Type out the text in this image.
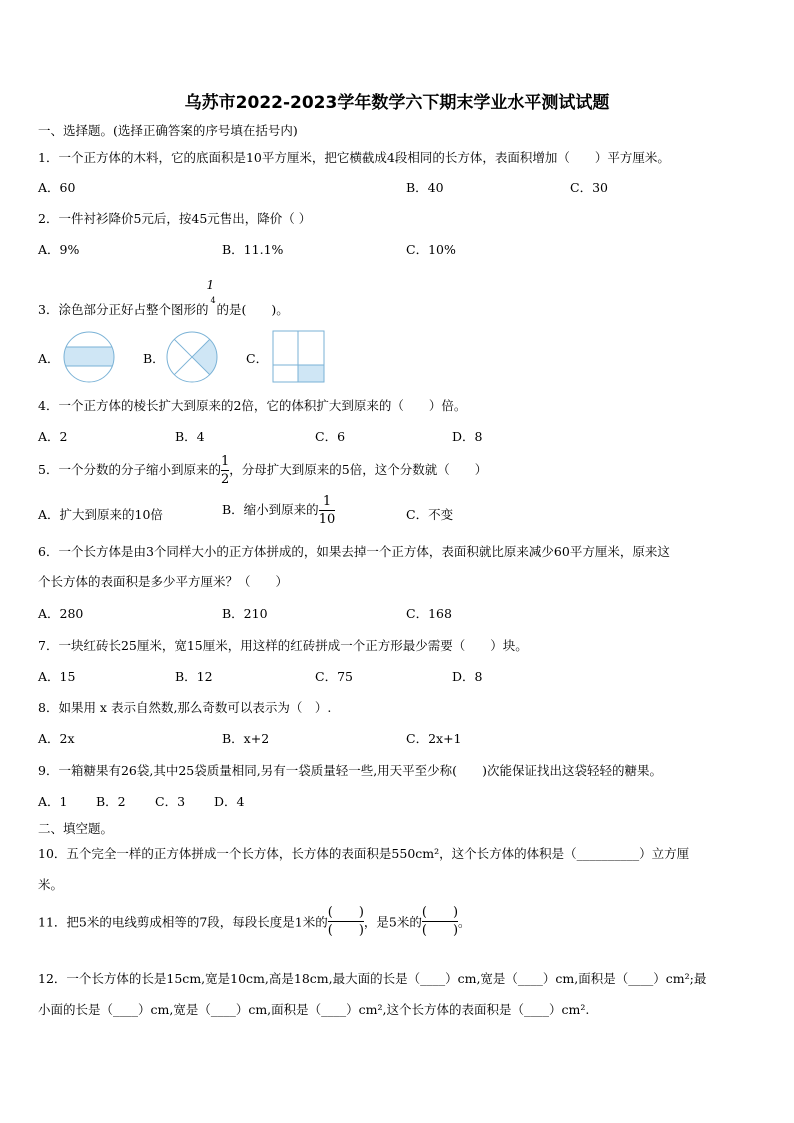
乌苏市2022-2023学年数学六下期末学业水平测试试题
一、选择题。(选择正确答案的序号填在括号内)
1．一个正方体的木料，它的底面积是10平方厘米，把它横截成4段相同的长方体，表面积增加（　　）平方厘米。
A．60	B．40	C．30
2．一件衬衫降价5元后，按45元售出，降价（ ）
A．9%	B．11.1%	C．10%
3．涂色部分正好占整个图形的
1
4
的是(　　)。
A．	B．	C．
4．一个正方体的棱长扩大到原来的2倍，它的体积扩大到原来的（　　）倍。
A．2	B．4	C．6	D．8
5．一个分数的分子缩小到原来的$\frac{1}{2}$，分母扩大到原来的5倍，这个分数就（　　）
A．扩大到原来的10倍	B．缩小到原来的$\frac{1}{10}$	C．不变
6．一个长方体是由3个同样大小的正方体拼成的，如果去掉一个正方体，表面积就比原来减少60平方厘米，原来这
个长方体的表面积是多少平方厘米？（　　）
A．280	B．210	C．168
7．一块红砖长25厘米，宽15厘米，用这样的红砖拼成一个正方形最少需要（　　）块。
A．15	B．12	C．75	D．8
8．如果用 x 表示自然数,那么奇数可以表示为（　）.
A．2x	B．x+2	C．2x+1
9．一箱糖果有26袋,其中25袋质量相同,另有一袋质量轻一些,用天平至少称(　　)次能保证找出这袋轻轻的糖果。
A．1 B．2 C．3 D．4
二、填空题。
10．五个完全一样的正方体拼成一个长方体，长方体的表面积是550cm²，这个长方体的体积是（__________）立方厘
米。
11．把5米的电线剪成相等的7段，每段长度是1米的(　　)
(　　)，是5米的(　　)
(　　)。
12．一个长方体的长是15cm,宽是10cm,高是18cm,最大面的长是（____）cm,宽是（____）cm,面积是（____）cm²;最
小面的长是（____）cm,宽是（____）cm,面积是（____）cm²,这个长方体的表面积是（____）cm².
